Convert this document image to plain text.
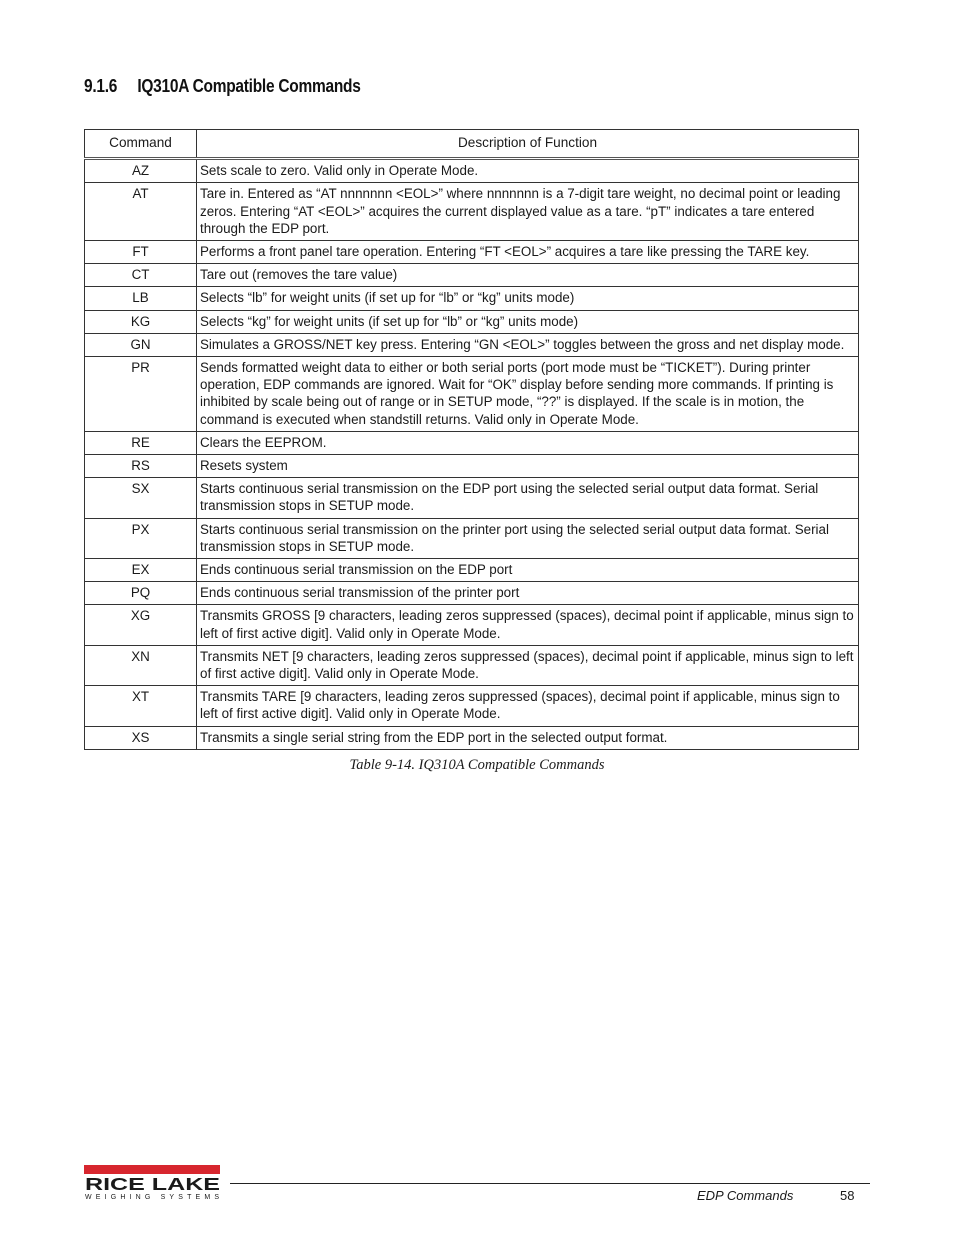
9.1.6 IQ310A Compatible Commands
Command	Description of Function
AZ	Sets scale to zero. Valid only in Operate Mode.
AT	Tare in. Entered as “AT nnnnnnn <EOL>” where nnnnnnn is a 7-digit tare weight, no decimal point or leading zeros. Entering “AT <EOL>” acquires the current displayed value as a tare. “pT” indicates a tare entered through the EDP port.
FT	Performs a front panel tare operation. Entering “FT <EOL>” acquires a tare like pressing the TARE key.
CT	Tare out (removes the tare value)
LB	Selects “lb” for weight units (if set up for “lb” or “kg” units mode)
KG	Selects “kg” for weight units (if set up for “lb” or “kg” units mode)
GN	Simulates a GROSS/NET key press. Entering “GN <EOL>” toggles between the gross and net display mode.
PR	Sends formatted weight data to either or both serial ports (port mode must be “TICKET”). During printer operation, EDP commands are ignored. Wait for “OK” display before sending more commands. If printing is inhibited by scale being out of range or in SETUP mode, “??” is displayed. If the scale is in motion, the command is executed when standstill returns. Valid only in Operate Mode.
RE	Clears the EEPROM.
RS	Resets system
SX	Starts continuous serial transmission on the EDP port using the selected serial output data format. Serial transmission stops in SETUP mode.
PX	Starts continuous serial transmission on the printer port using the selected serial output data format. Serial transmission stops in SETUP mode.
EX	Ends continuous serial transmission on the EDP port
PQ	Ends continuous serial transmission of the printer port
XG	Transmits GROSS [9 characters, leading zeros suppressed (spaces), decimal point if applicable, minus sign to left of first active digit]. Valid only in Operate Mode.
XN	Transmits NET [9 characters, leading zeros suppressed (spaces), decimal point if applicable, minus sign to left of first active digit]. Valid only in Operate Mode.
XT	Transmits TARE [9 characters, leading zeros suppressed (spaces), decimal point if applicable, minus sign to left of first active digit]. Valid only in Operate Mode.
XS	Transmits a single serial string from the EDP port in the selected output format.
Table 9-14. IQ310A Compatible Commands
RICE LAKE
WEIGHING SYSTEMS	EDP Commands	58
